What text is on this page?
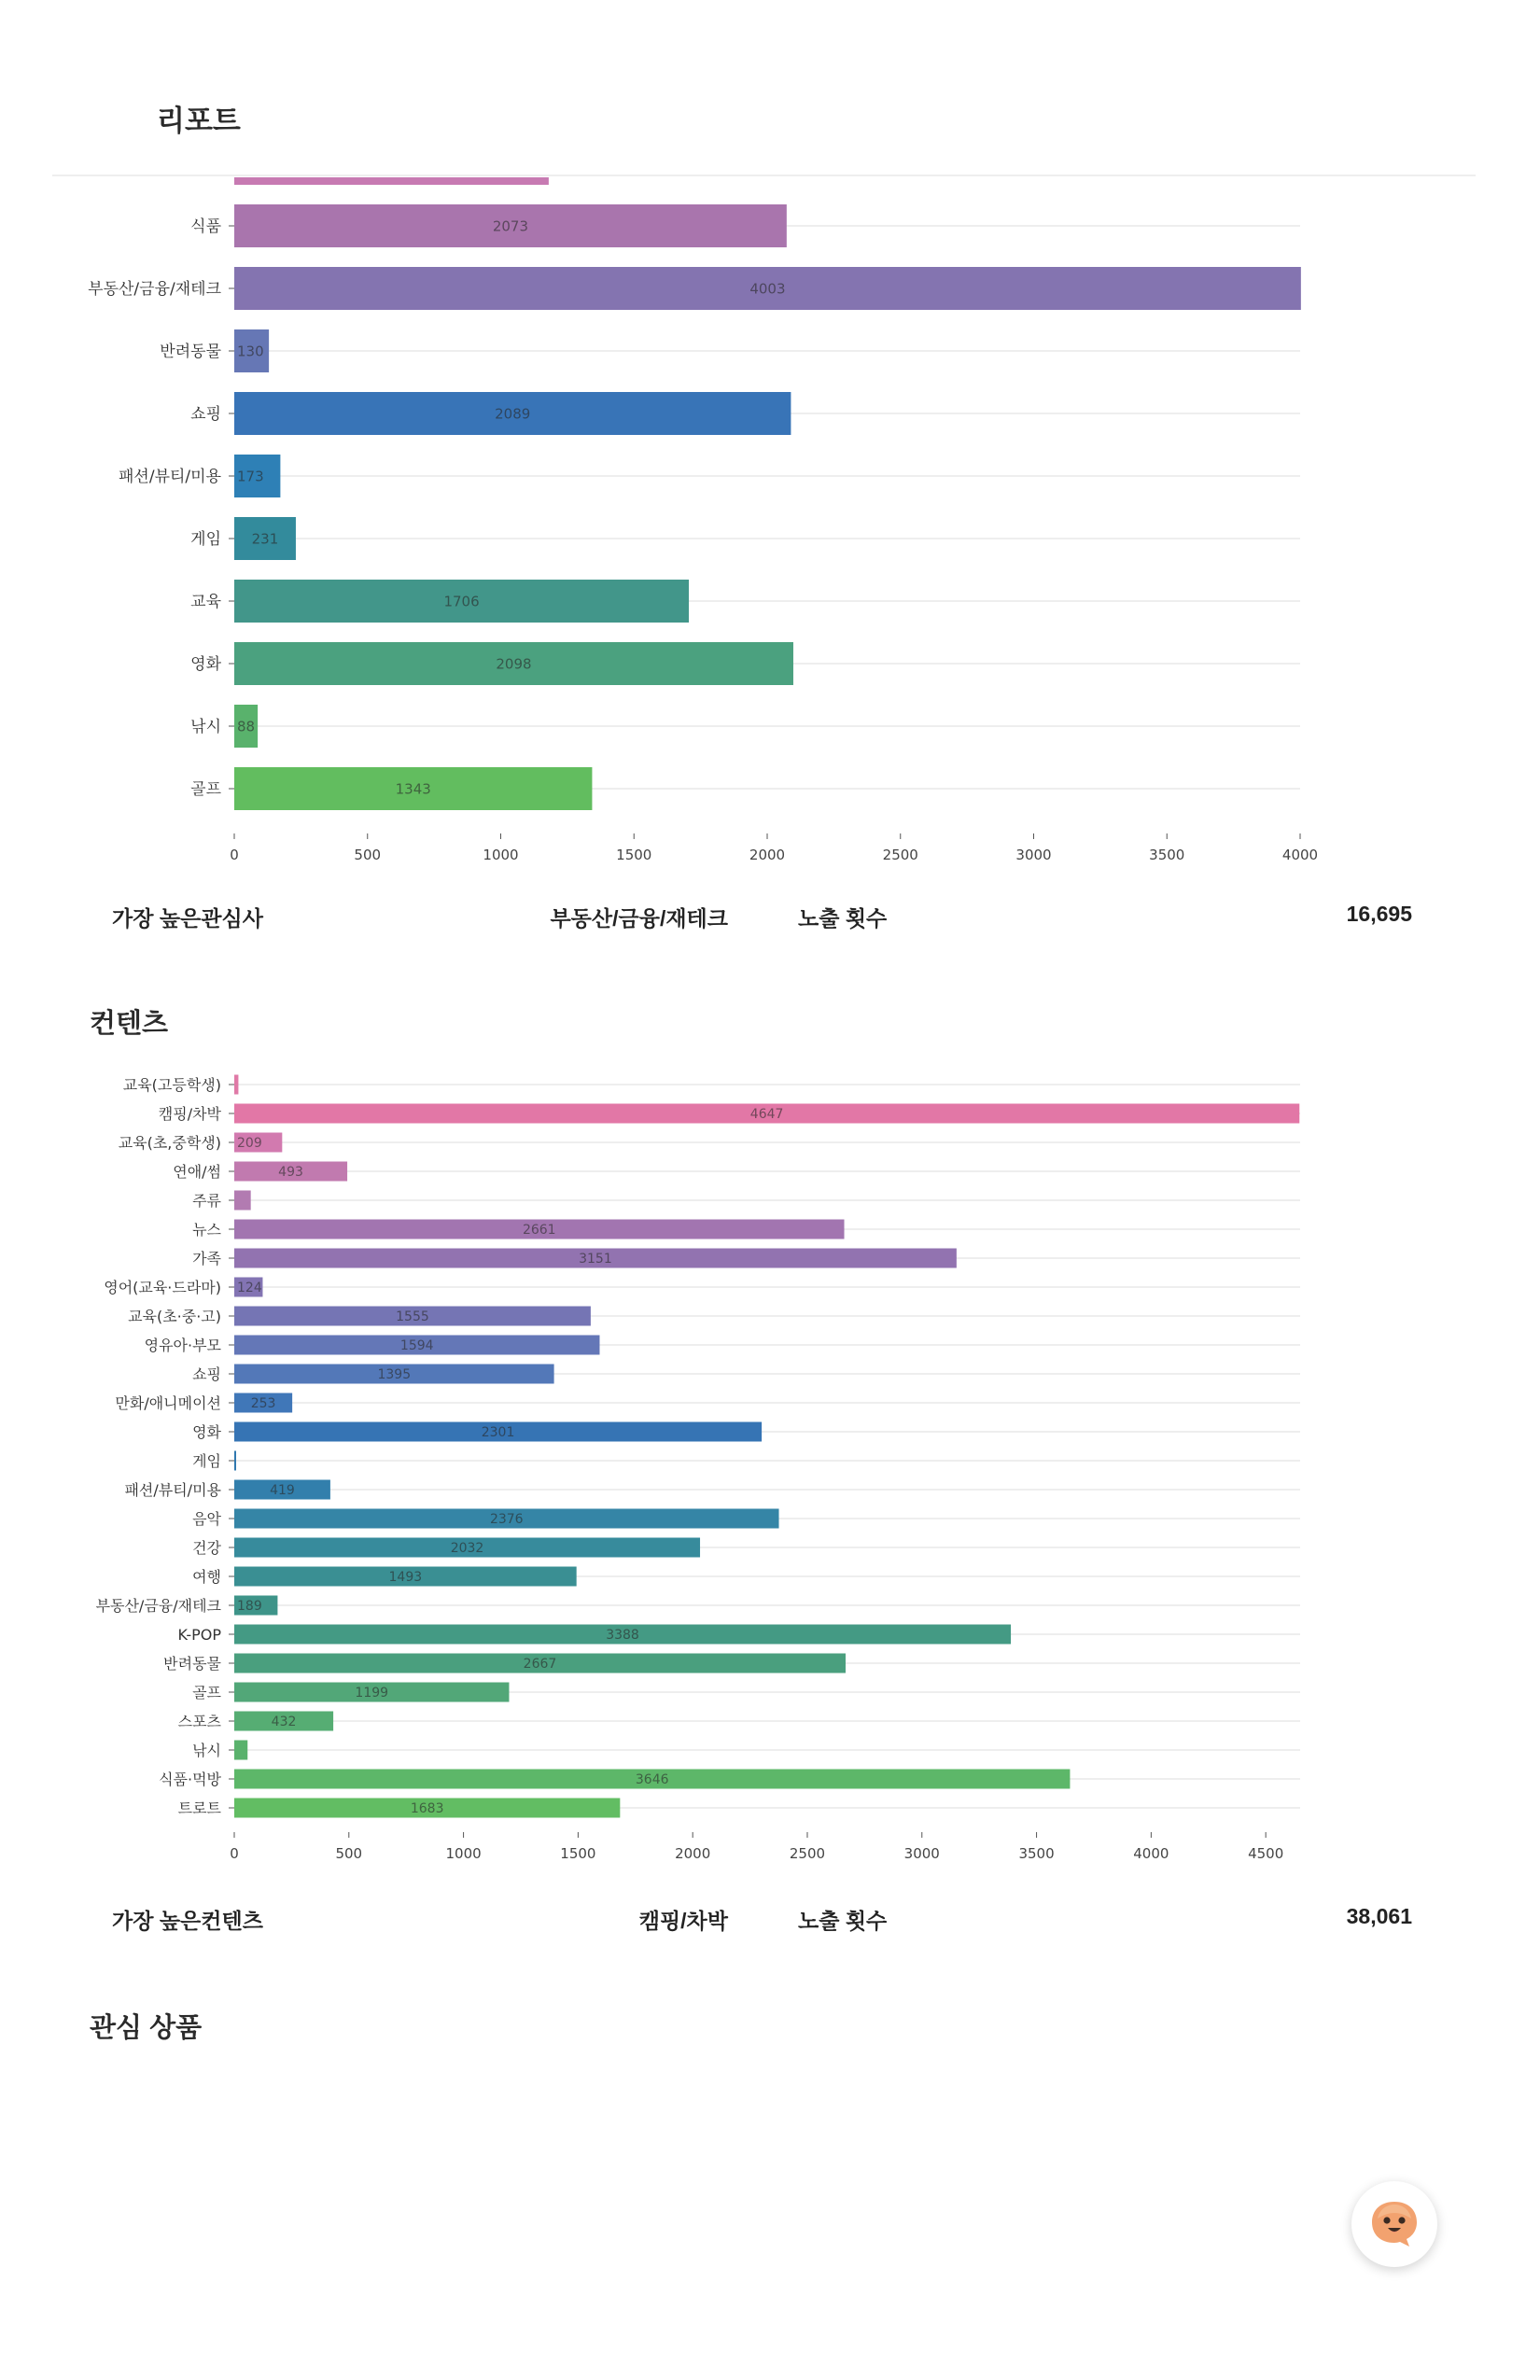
리포트
식품	2073
부동산/금융/재테크	4003
반려동물 130
쇼핑	2089
패션/뷰티/미용 173
게임 231
교육	1706
영화	2098
낚시 88
골프	1343
0	500	1000	1500	2000	2500	3000	3500	4000
가장 높은관심사	부동산/금융/재테크	노출 횟수	16,695
컨텐츠
교육(고등학생)
캠핑/차박	4647
교육(초,중학생) 209
연애/썸	493
주류
뉴스	2661
가족	3151
영어(교육·드라마) 124
교육(초·중·고)	1555
영유아·부모	1594
쇼핑	1395
만화/애니메이션 253
영화	2301
게임
패션/뷰티/미용	419
음악	2376
건강	2032
여행	1493
부동산/금융/재테크 189
K-POP	3388
반려동물	2667
골프	1199
스포츠	432
낚시
식품·먹방	3646
트로트	1683
0	500	1000	1500	2000	2500	3000	3500	4000	4500
가장 높은컨텐츠	캠핑/차박	노출 횟수	38,061
관심 상품
